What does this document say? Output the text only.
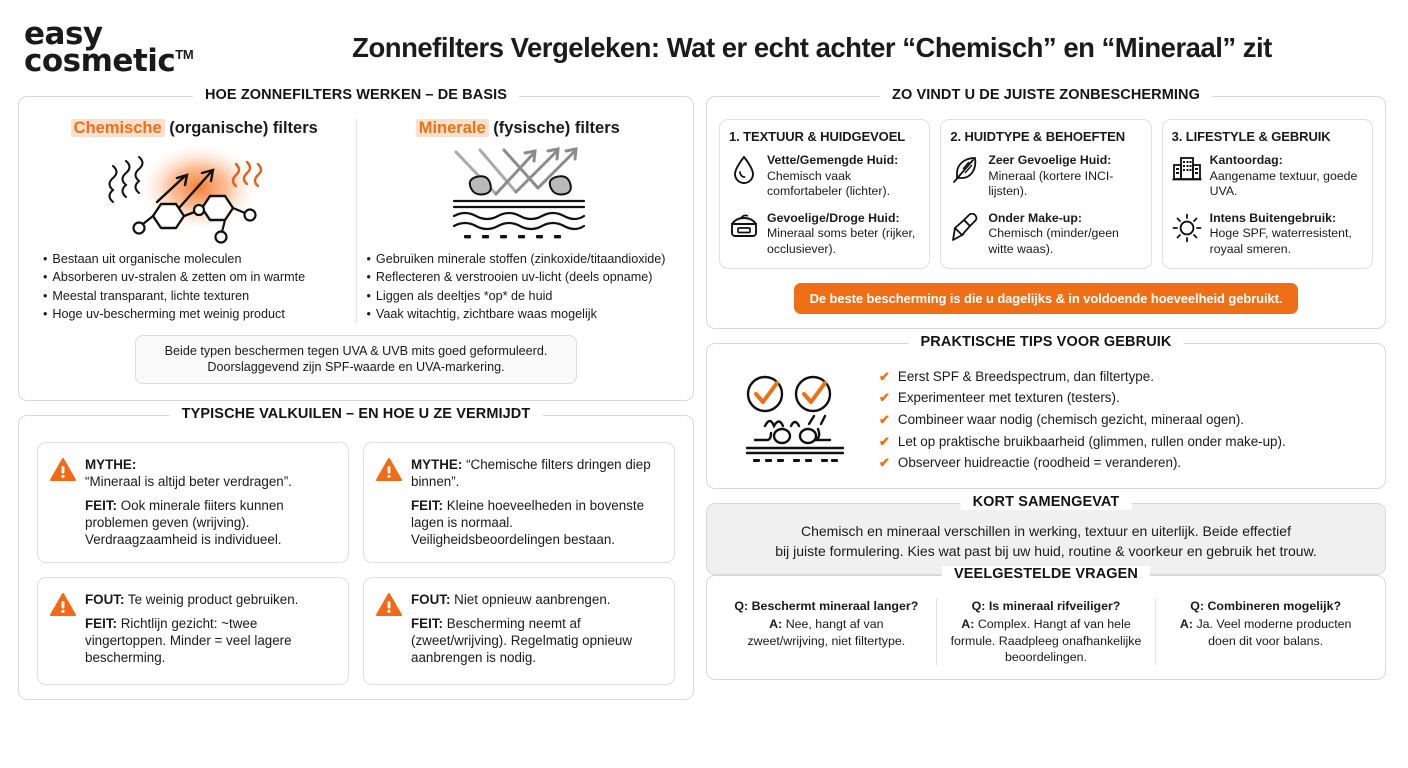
easy
cosmetic TM	Zonnefilters Vergeleken: Wat er echt achter “Chemisch” en “Mineraal” zit
HOE ZONNEFILTERS WERKEN – DE BASIS
Chemische (organische) filters
• Bestaan uit organische moleculen
• Absorberen uv-stralen & zetten om in warmte
• Meestal transparant, lichte texturen
• Hoge uv-bescherming met weinig product
Minerale (fysische) filters
• Gebruiken minerale stoffen (zinkoxide/titaandioxide)
• Reflecteren & verstrooien uv-licht (deels opname)
• Liggen als deeltjes *op* de huid
• Vaak witachtig, zichtbare waas mogelijk
Beide typen beschermen tegen UVA & UVB mits goed geformuleerd.
Doorslaggevend zijn SPF-waarde en UVA-markering.
TYPISCHE VALKUILEN – EN HOE U ZE VERMIJDT
MYTHE:
“Mineraal is altijd beter verdragen”.
FEIT: Ook minerale fiiters kunnen problemen geven (wrijving). Verdraagzaamheid is individueel.
MYTHE: “Chemische filters dringen diep binnen”.
FEIT: Kleine hoeveelheden in bovenste lagen is normaal. Veiligheidsbeoordelingen bestaan.
FOUT: Te weinig product gebruiken.
FEIT: Richtlijn gezicht: ~twee vingertoppen. Minder = veel lagere bescherming.
FOUT: Niet opnieuw aanbrengen.
FEIT: Bescherming neemt af (zweet/wrijving). Regelmatig opnieuw aanbrengen is nodig.
ZO VINDT U DE JUISTE ZONBESCHERMING
1. TEXTUUR & HUIDGEVOEL
Vette/Gemengde Huid:
Chemisch vaak comfortabeler (lichter).
Gevoelige/Droge Huid:
Mineraal soms beter (rijker, occlusiever).
2. HUIDTYPE & BEHOEFTEN
Zeer Gevoelige Huid:
Mineraal (kortere INCI-lijsten).
Onder Make-up:
Chemisch (minder/geen witte waas).
3. LIFESTYLE & GEBRUIK
Kantoordag:
Aangename textuur, goede UVA.
Intens Buitengebruik:
Hoge SPF, waterresistent, royaal smeren.
De beste bescherming is die u dagelijks & in voldoende hoeveelheid gebruikt.
PRAKTISCHE TIPS VOOR GEBRUIK
✔ Eerst SPF & Breedspectrum, dan filtertype.
✔ Experimenteer met texturen (testers).
✔ Combineer waar nodig (chemisch gezicht, mineraal ogen).
✔ Let op praktische bruikbaarheid (glimmen, rullen onder make-up).
✔ Observeer huidreactie (roodheid = veranderen).
KORT SAMENGEVAT
Chemisch en mineraal verschillen in werking, textuur en uiterlijk. Beide effectief
bij juiste formulering. Kies wat past bij uw huid, routine & voorkeur en gebruik het trouw.
VEELGESTELDE VRAGEN
Q: Beschermt mineraal langer?
A: Nee, hangt af van zweet/wrijving, niet filtertype.
Q: Is mineraal rifveiliger?
A: Complex. Hangt af van hele formule. Raadpleeg onafhankelijke beoordelingen.
Q: Combineren mogelijk?
A: Ja. Veel moderne producten doen dit voor balans.
